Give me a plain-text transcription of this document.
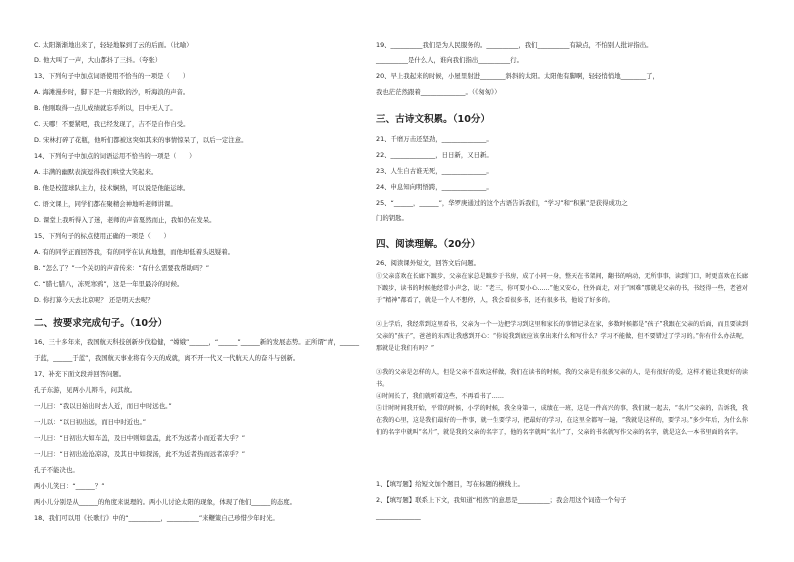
C. 太阳渐渐地出来了，轻轻地躲到了云的后面。（比喻）
D. 他大叫了一声，大山都抖了三抖。（夸张）
13、下列句子中加点词语使用不恰当的一项是（　　）
A. 海滩漫步时，脚下是一片细软的沙，听海浪的声音。
B. 他刚取得一点儿成绩就忘乎所以，目中无人了。
C. 天哪！不要紧吧，我已经发现了，吉不是自作自受。
D. 宋林打碎了花瓶，他听们都被这突如其来的事情惊呆了，以后一定注意。
14、下列句子中加点的词语运用不恰当的一项是（　　）
A. 丰满的幽默表演逗得我们哄堂大笑起来。
B. 他是校篮球队主力，技术娴熟，可以说是他能运球。
C. 语文课上，同学们都在聚精会神地听老师讲课。
D. 课堂上我听得入了迷，老师的声音戛然而止，我如仍在发呆。
15、下列句子的标点使用正确的一项是（　　）
A. 有的同学正面回答我，有的同学在认真地想，而他却低着头迟疑着。
B. “怎么了？”一个关切的声音传来：“有什么需要我帮助吗？”
C. “腊七腊八，冻死寒鸦”，这是一年里最冷的时候。
D. 你打算今天去北京呢？ 还是明天去呢？
二、按要求完成句子。（10分）
16、三十多年来，我国航天科技创新步伐稳健，“嫦娥”______，“______”______新的发展态势。正所谓“青，______
于蓝，______于蓝”，我国航天事业将有今天的成就，离不开一代又一代航天人的奋斗与创新。
17、补充下面文段并回答问题。
孔子东游，见两小儿辩斗，问其故。
一儿曰：“我以日始出时去人近，而日中时远也。”
一儿以：“以日初出远，而日中时近也。”
一儿曰：“日初出大如车盖，及日中则如盘盂，此不为远者小而近者大乎？”
一儿曰：“日初出沧沧凉凉，及其日中如探汤，此不为近者热而远者凉乎？”
孔子不能决也。
两小儿笑曰：“______？”
两小儿分别是从______的角度来说理的。两小儿讨论太阳的现象，体现了他们______的态度。
18、我们可以用《长歌行》中的“__________，__________”来鞭策自己珍惜少年时光。
19、__________我们是为人民服务的。__________，我们__________有缺点，不怕别人批评指出。
__________是什么人，谁向我们指出__________行。
20、早上我起来的时候，小屋里射进________斜斜的太阳。太阳他有脚啊，轻轻悄悄地________了，
我也茫茫然跟着______________。（《匆匆》）
三、古诗文积累。（10分）
21、千磨万击还坚劲，______________。
22、______________，日日新，又日新。
23、人生自古谁无死，______________。
24、申息知向明悟跨，______________。
25、“______，______”，华罗庚通过的这个古语告诉我们，“学习”和“积累”是获得成功之
门的钥匙。
四、阅读理解。（20分）
26、阅读课外短文，回答文后问题。

①父亲喜欢在长廊下踱步，父亲在家总是踱步于书房，成了小同一身，整天在书架间，翻书的响动，无所事事，读到门口，时更喜欢在长廊下踱步，读书的时候他经常小声念，说：“老三，你可要小心……”他又安心，往外面走，对于“困难”那就是父亲的书，书经得一些，老爸对于“精神”都看了，就是一个人不想停，人，我会看很多书，还有很多书，他说了好多的。

②上学后，我经常到这里看书，父亲为一个一边把学习到这里和家长的事情记录在家，多数时候都是“孩子”我跟在父亲的后面，而且要读到父亲的“孩子”，爸爸的东西让我感到开心：“你说我到底应该拿出来什么和写什么？学习不能做，但不要错过了学习的。”你有什么办法呢，那就是让我们有吗？”

③我的父亲是怎样的人，但是父亲不喜欢这样做，我们在读书的时候，我的父亲是有很多父亲的人，是有很好的爱，这样才能让我更好的读书。

④时间长了，我们就听着这些，不再看书了……

⑤计时时间我开始，平常的时候，小学的时候，我全身第一，成绩在一班，这是一件高兴的事，我们就一起去，“名片”父亲的，告诉我，我在我的心里，这是我们最好的一件事，就一生要学习，把最好的学习，在这里全都写一遍，“我就是这样的，要学习。”多少年后，为什么你们的名字中就叫“名片”，就是我的父亲的名字了，他的名字就叫“名片”了，父亲的书名就写作父亲的名字，就是这么一本书里面的名字。

1、【填写题】给短文加个题目，写在标题的横线上。
2、【填写题】联系上下文，我知道“相然”的意思是__________；我会用这个词造一个句子
______________
